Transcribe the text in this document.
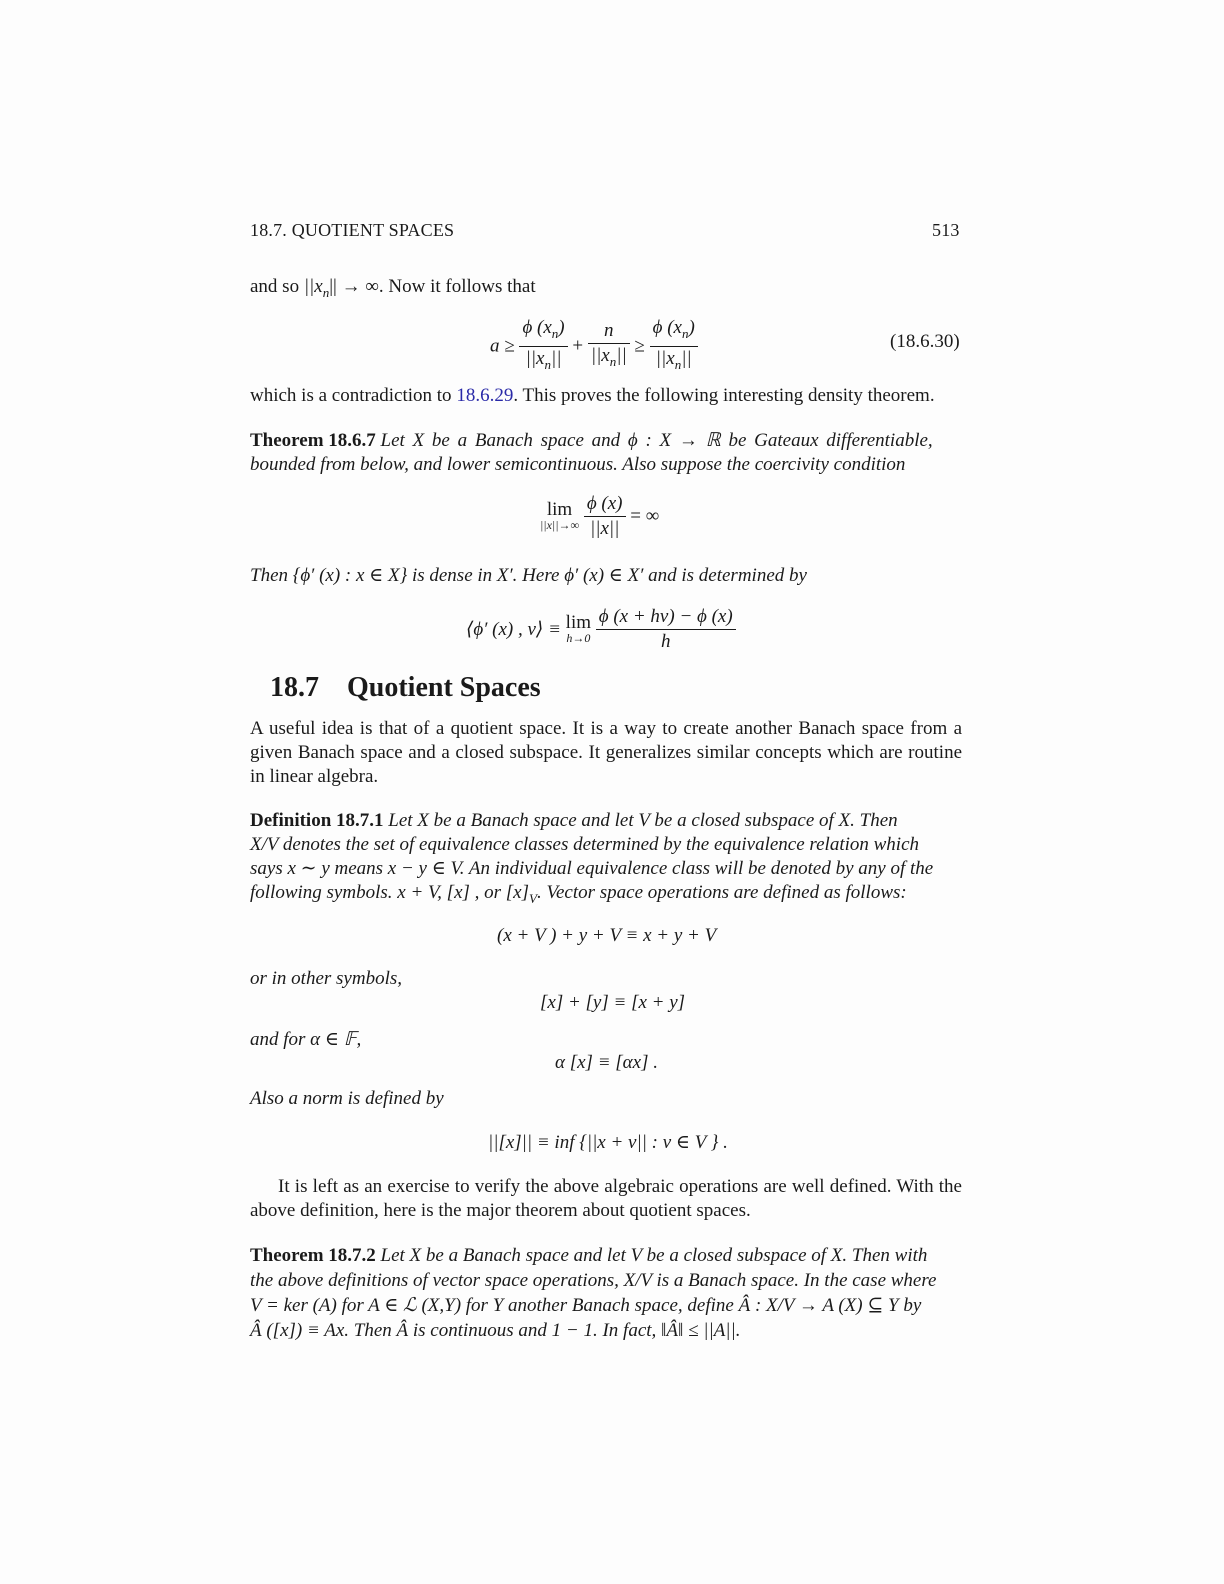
18.7. QUOTIENT SPACES	513
and so $||x_n||$ → ∞. Now it follows that
$a \ge \frac{\phi (x_n)}{||x_n||} + \frac{n}{||x_n||} \ge \frac{\phi (x_n)}{||x_n||}$	(18.6.30)
which is a contradiction to 18.6.29. This proves the following interesting density theorem.
Theorem 18.6.7 Let X be a Banach space and ϕ : X → ℝ be Gateaux differentiable,
bounded from below, and lower semicontinuous. Also suppose the coercivity condition
lim
||x||→∞
$\frac{\phi (x)}{||x||}$ = ∞
Then {ϕ′ (x) : x ∈ X} is dense in X′. Here ϕ′ (x) ∈ X′ and is determined by
⟨ϕ′ (x) , v⟩ ≡ lim
h→0
$\frac{\phi (x + hv) - \phi (x)}{h}$
18.7 Quotient Spaces
A useful idea is that of a quotient space. It is a way to create another Banach space from a given Banach space and a closed subspace. It generalizes similar concepts which are routine in linear algebra.
Definition 18.7.1 Let X be a Banach space and let V be a closed subspace of X. Then
X/V denotes the set of equivalence classes determined by the equivalence relation which
says x ∼ y means x − y ∈ V. An individual equivalence class will be denoted by any of the
following symbols. x + V, [x] , or $[x]_V$. Vector space operations are defined as follows:
(x + V ) + y + V ≡ x + y + V
or in other symbols,
[x] + [y] ≡ [x + y]
and for α ∈ 𝔽,
α [x] ≡ [αx] .
Also a norm is defined by
||[x]|| ≡ inf {||x + v|| : v ∈ V } .
It is left as an exercise to verify the above algebraic operations are well defined. With the above definition, here is the major theorem about quotient spaces.
Theorem 18.7.2 Let X be a Banach space and let V be a closed subspace of X. Then with
the above definitions of vector space operations, X/V is a Banach space. In the case where
V = ker (A) for A ∈ ℒ (X,Y) for Y another Banach space, define Â : X/V → A (X) ⊆ Y by
Â ([x]) ≡ Ax. Then Â is continuous and 1 − 1. In fact, ‖Â‖ ≤ ||A||.
